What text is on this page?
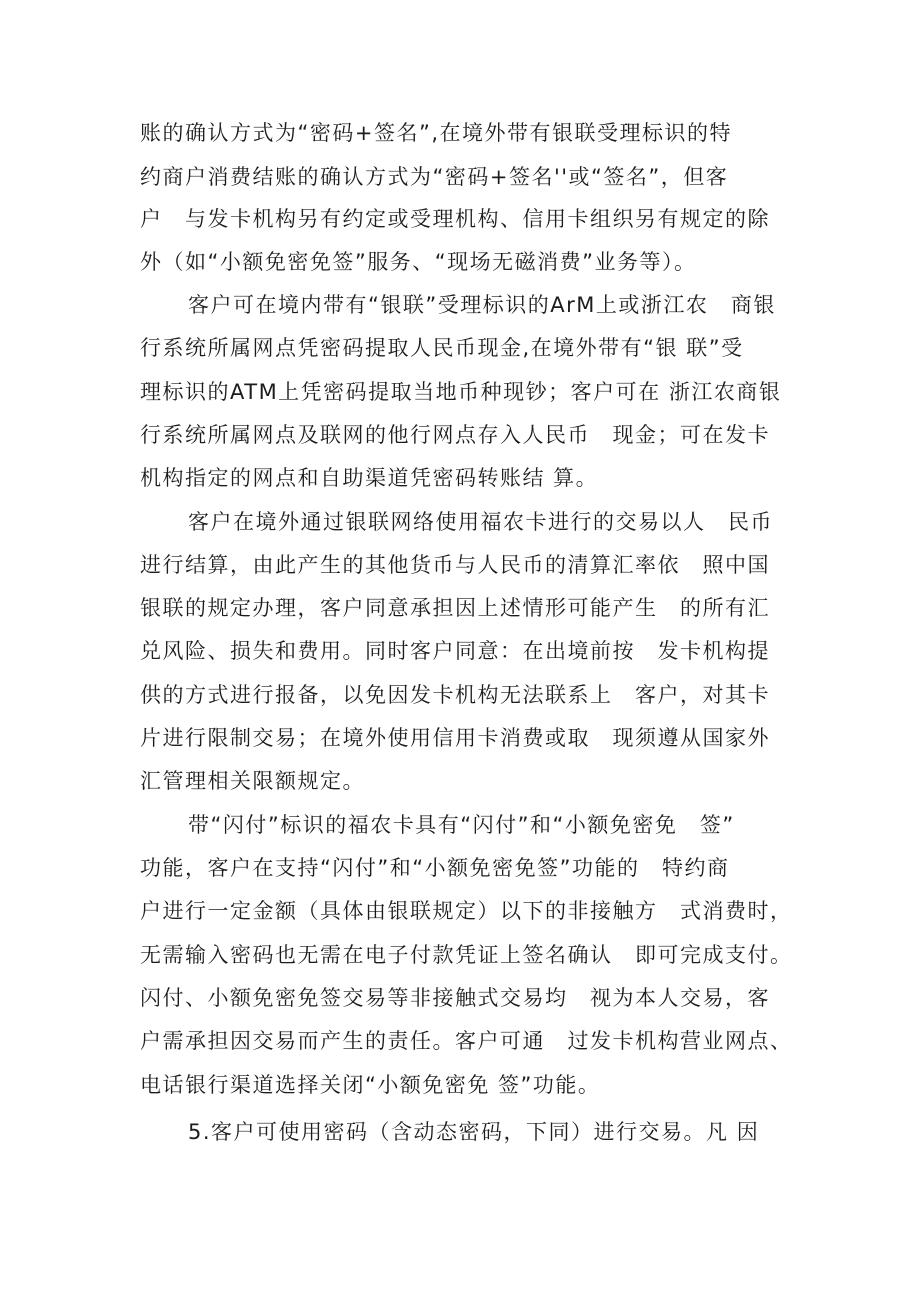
账的确认方式为“密码+签名”,在境外带有银联受理标识的特
约商户消费结账的确认方式为“密码+签名''或“签名”，但客
户　与发卡机构另有约定或受理机构、信用卡组织另有规定的除
外（如“小额免密免签”服务、“现场无磁消费”业务等）。
客户可在境内带有“银联”受理标识的ArM上或浙江农　商银
行系统所属网点凭密码提取人民币现金,在境外带有“银 联”受
理标识的ATM上凭密码提取当地币种现钞；客户可在 浙江农商银
行系统所属网点及联网的他行网点存入人民币　现金；可在发卡
机构指定的网点和自助渠道凭密码转账结 算。
客户在境外通过银联网络使用福农卡进行的交易以人　民币
进行结算，由此产生的其他货币与人民币的清算汇率依　照中国
银联的规定办理，客户同意承担因上述情形可能产生　的所有汇
兑风险、损失和费用。同时客户同意：在出境前按　发卡机构提
供的方式进行报备，以免因发卡机构无法联系上　客户，对其卡
片进行限制交易；在境外使用信用卡消费或取　现须遵从国家外
汇管理相关限额规定。
带“闪付”标识的福农卡具有“闪付”和“小额免密免　签”
功能，客户在支持“闪付”和“小额免密免签”功能的　特约商
户进行一定金额（具体由银联规定）以下的非接触方　式消费时，
无需输入密码也无需在电子付款凭证上签名确认　即可完成支付。
闪付、小额免密免签交易等非接触式交易均　视为本人交易，客
户需承担因交易而产生的责任。客户可通　过发卡机构营业网点、
电话银行渠道选择关闭“小额免密免 签”功能。
5.客户可使用密码（含动态密码，下同）进行交易。凡 因
